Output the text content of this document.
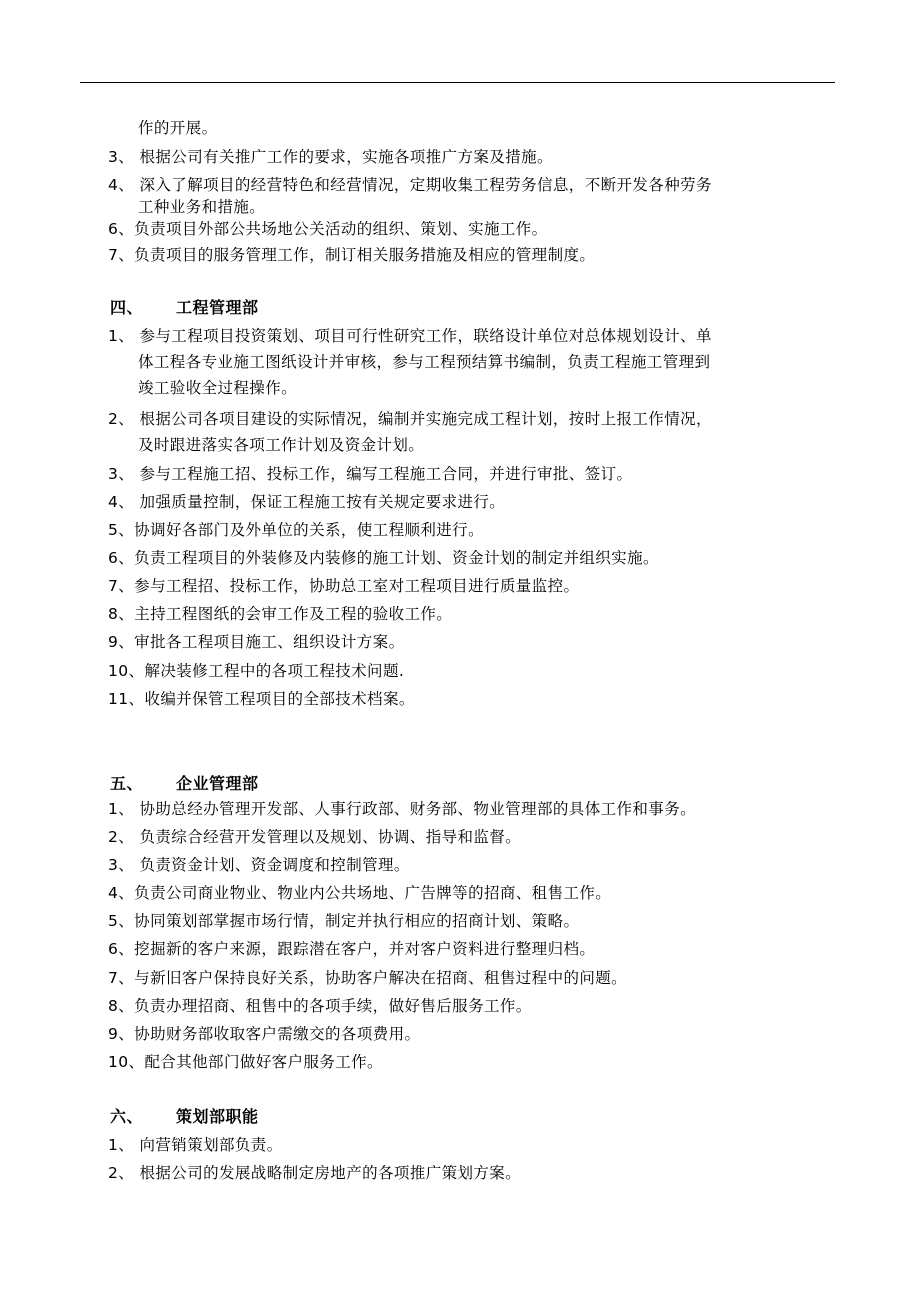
作的开展。
3、 根据公司有关推广工作的要求，实施各项推广方案及措施。
4、 深入了解项目的经营特色和经营情况，定期收集工程劳务信息，不断开发各种劳务
工种业务和措施。
6、负责项目外部公共场地公关活动的组织、策划、实施工作。
7、负责项目的服务管理工作，制订相关服务措施及相应的管理制度。
四、 工程管理部
1、 参与工程项目投资策划、项目可行性研究工作，联络设计单位对总体规划设计、单
体工程各专业施工图纸设计并审核，参与工程预结算书编制，负责工程施工管理到
竣工验收全过程操作。
2、 根据公司各项目建设的实际情况，编制并实施完成工程计划，按时上报工作情况，
及时跟进落实各项工作计划及资金计划。
3、 参与工程施工招、投标工作，编写工程施工合同，并进行审批、签订。
4、 加强质量控制，保证工程施工按有关规定要求进行。
5、协调好各部门及外单位的关系，使工程顺利进行。
6、负责工程项目的外装修及内装修的施工计划、资金计划的制定并组织实施。
7、参与工程招、投标工作，协助总工室对工程项目进行质量监控。
8、主持工程图纸的会审工作及工程的验收工作。
9、审批各工程项目施工、组织设计方案。
10、解决装修工程中的各项工程技术问题.
11、收编并保管工程项目的全部技术档案。
五、 企业管理部
1、 协助总经办管理开发部、人事行政部、财务部、物业管理部的具体工作和事务。
2、 负责综合经营开发管理以及规划、协调、指导和监督。
3、 负责资金计划、资金调度和控制管理。
4、负责公司商业物业、物业内公共场地、广告牌等的招商、租售工作。
5、协同策划部掌握市场行情，制定并执行相应的招商计划、策略。
6、挖掘新的客户来源，跟踪潜在客户，并对客户资料进行整理归档。
7、与新旧客户保持良好关系，协助客户解决在招商、租售过程中的问题。
8、负责办理招商、租售中的各项手续，做好售后服务工作。
9、协助财务部收取客户需缴交的各项费用。
10、配合其他部门做好客户服务工作。
六、 策划部职能
1、 向营销策划部负责。
2、 根据公司的发展战略制定房地产的各项推广策划方案。
